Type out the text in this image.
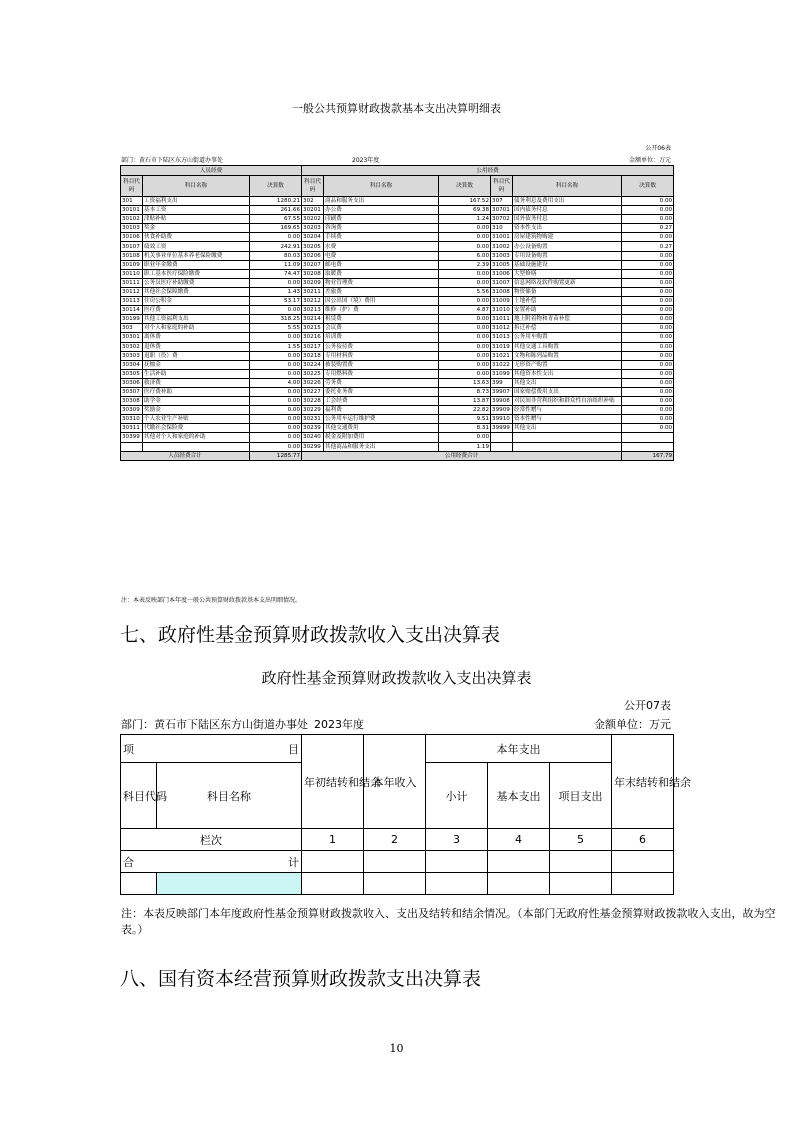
一般公共预算财政拨款基本支出决算明细表
公开06表
部门：黄石市下陆区东方山街道办事处	2023年度	金额单位：万元
人员经费			公用经费					
科目代码	科目名称	决算数	科目代码	科目名称	决算数	科目代码	科目名称	决算数
301	工资福利支出	1280.21	302	商品和服务支出	167.52	307	债务利息及费用支出	0.00
30101	基本工资	261.66	30201	办公费	69.38	30701	国内债务付息	0.00
30102	津贴补贴	67.55	30202	印刷费	1.24	30702	国外债务付息	0.00
30103	奖金	169.65	30203	咨询费	0.00	310	资本性支出	0.27
30106	伙食补助费	0.00	30204	手续费	0.00	31001	房屋建筑物购建	0.00
30107	绩效工资	242.91	30205	水费	0.00	31002	办公设备购置	0.27
30108	机关事业单位基本养老保险缴费	80.03	30206	电费	6.00	31003	专用设备购置	0.00
30109	职业年金缴费	11.09	30207	邮电费	2.39	31005	基础设施建设	0.00
30110	职工基本医疗保险缴费	74.47	30208	取暖费	0.00	31006	大型修缮	0.00
30111	公务员医疗补助缴费	0.00	30209	物业管理费	0.00	31007	信息网络及软件购置更新	0.00
30112	其他社会保障缴费	1.43	30211	差旅费	5.56	31008	物资储备	0.00
30113	住房公积金	53.17	30212	因公出国（境）费用	0.00	31009	土地补偿	0.00
30114	医疗费	0.00	30213	维修（护）费	4.87	31010	安置补助	0.00
30199	其他工资福利支出	318.25	30214	租赁费	0.00	31011	地上附着物和青苗补偿	0.00
303	对个人和家庭的补助	5.55	30215	会议费	0.00	31012	拆迁补偿	0.00
30301	离休费	0.00	30216	培训费	0.00	31013	公务用车购置	0.00
30302	退休费	1.55	30217	公务接待费	0.00	31019	其他交通工具购置	0.00
30303	退职（役）费	0.00	30218	专用材料费	0.00	31021	文物和陈列品购置	0.00
30304	抚恤金	0.00	30224	被装购置费	0.00	31022	无形资产购置	0.00
30305	生活补助	0.00	30225	专用燃料费	0.00	31099	其他资本性支出	0.00
30306	救济费	4.00	30226	劳务费	13.63	399	其他支出	0.00
30307	医疗费补助	0.00	30227	委托业务费	8.73	39907	国家赔偿费用支出	0.00
30308	助学金	0.00	30228	工会经费	13.87	39908	对民间非营利组织和群众性自治组织补贴	0.00
30309	奖励金	0.00	30229	福利费	22.82	39909	经常性赠与	0.00
30310	个人农业生产补贴	0.00	30231	公务用车运行维护费	9.51	39910	资本性赠与	0.00
30311	代缴社会保险费	0.00	30239	其他交通费用	8.31	39999	其他支出	0.00
30399	其他对个人和家庭的补助	0.00	30240	税金及附加费用	0.00			
		0.00	30299	其他商品和服务支出	1.19			
人员经费合计		1285.77	公用经费合计					167.79
注：本表反映部门本年度一般公共预算财政拨款基本支出明细情况。
七、政府性基金预算财政拨款收入支出决算表
政府性基金预算财政拨款收入支出决算表
公开07表
部门：黄石市下陆区东方山街道办事处 2023年度	金额单位：万元
项 目		年初结转和结余	本年收入	本年支出			年末结转和结余
科目代码	科目名称			小计	基本支出	项目支出	
栏次		1	2	3	4	5	6

合 计							

注：本表反映部门本年度政府性基金预算财政拨款收入、支出及结转和结余情况。（本部门无政府性基金预算财政拨款收入支出，故为空表。）
八、国有资本经营预算财政拨款支出决算表
10
